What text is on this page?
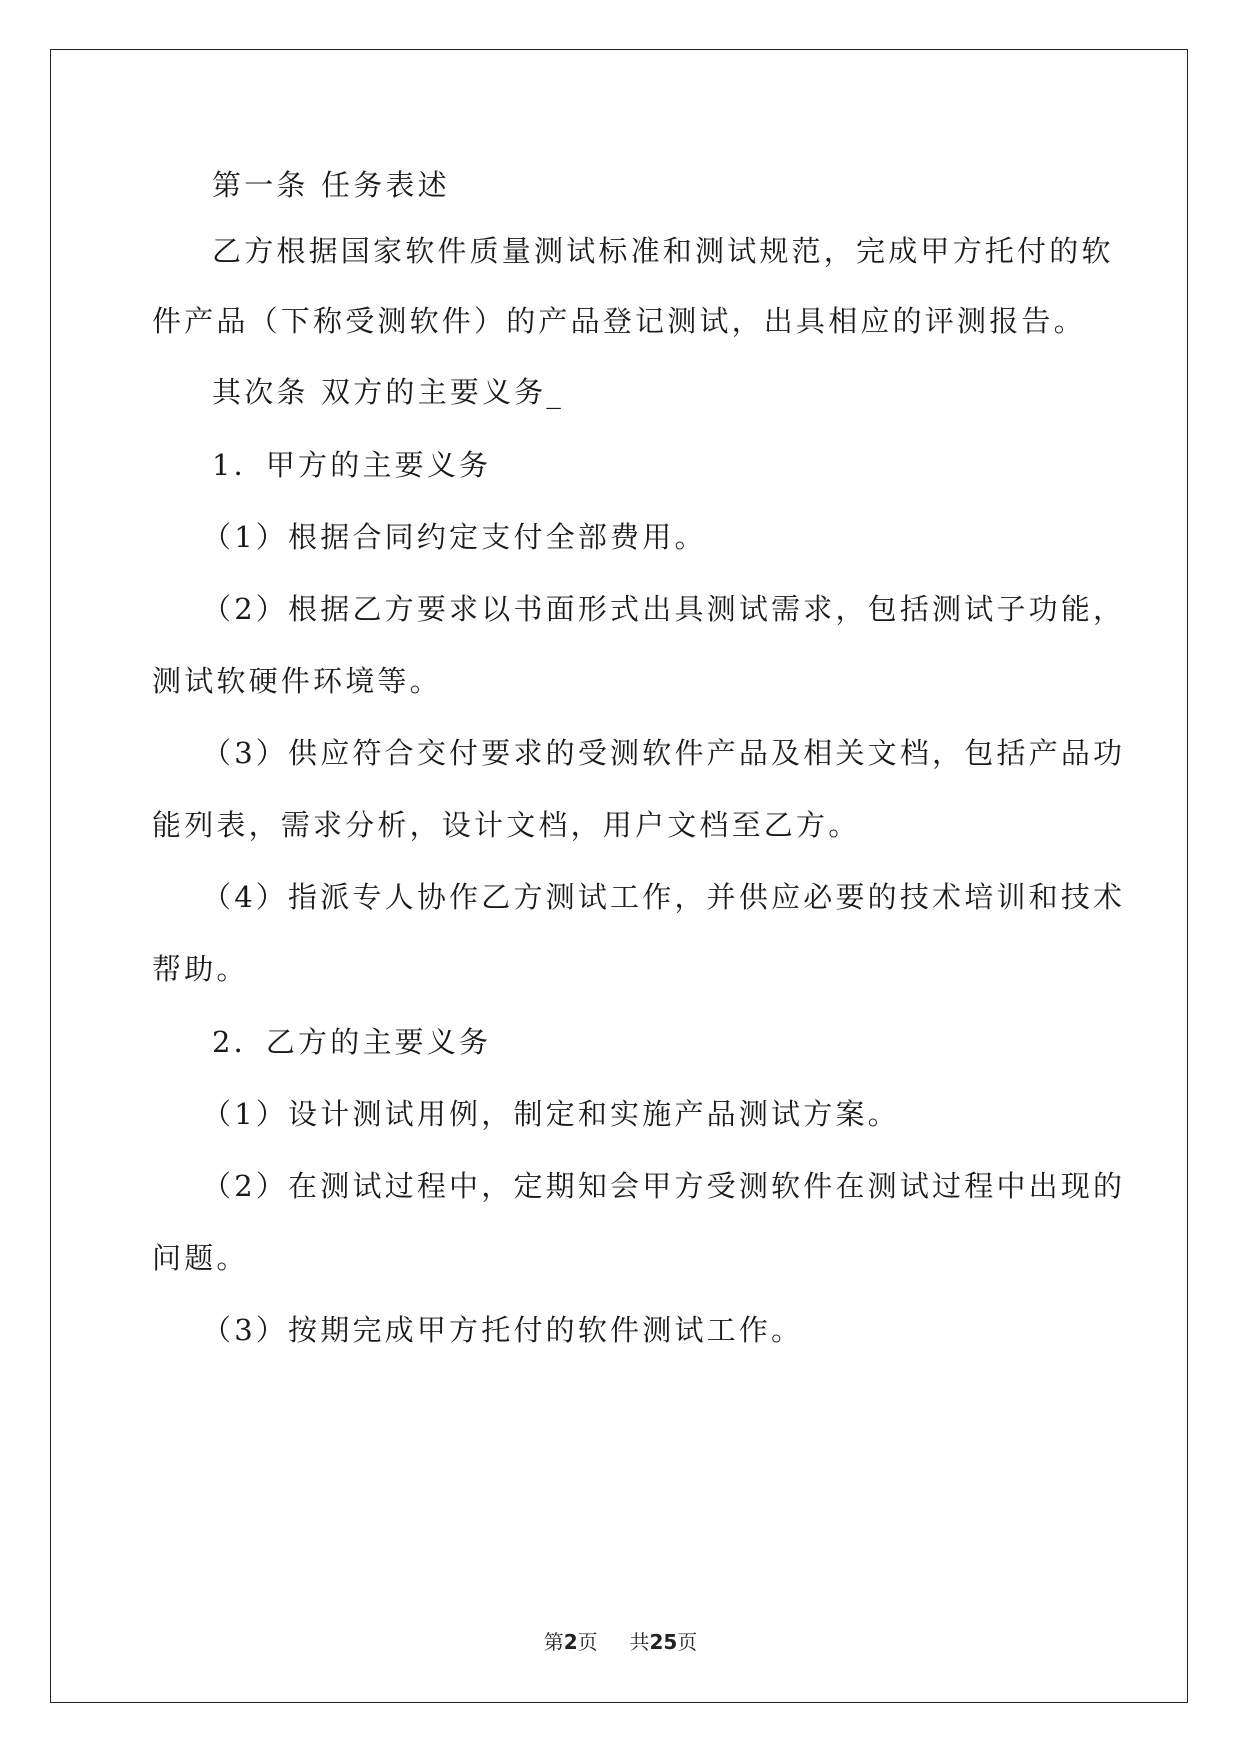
第一条 任务表述
乙方根据国家软件质量测试标准和测试规范，完成甲方托付的软
件产品（下称受测软件）的产品登记测试，出具相应的评测报告。
其次条 双方的主要义务_
1．甲方的主要义务
（1）根据合同约定支付全部费用。
（2）根据乙方要求以书面形式出具测试需求，包括测试子功能，
测试软硬件环境等。
（3）供应符合交付要求的受测软件产品及相关文档，包括产品功
能列表，需求分析，设计文档，用户文档至乙方。
（4）指派专人协作乙方测试工作，并供应必要的技术培训和技术
帮助。
2．乙方的主要义务
（1）设计测试用例，制定和实施产品测试方案。
（2）在测试过程中，定期知会甲方受测软件在测试过程中出现的
问题。
（3）按期完成甲方托付的软件测试工作。
第2页 共25页
